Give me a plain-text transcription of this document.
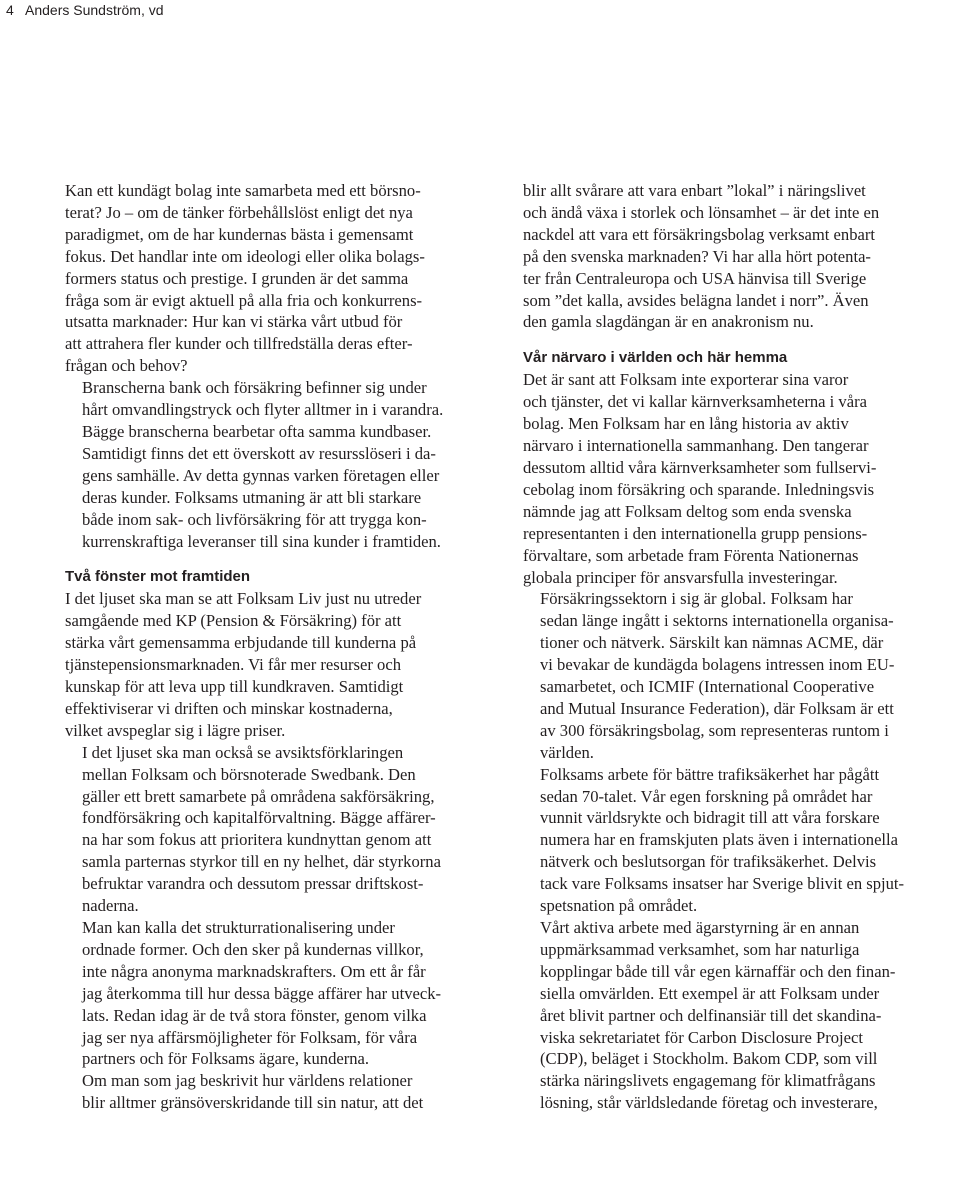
4 Anders Sundström, vd

Kan ett kundägt bolag inte samarbeta med ett börsno-
terat? Jo – om de tänker förbehållslöst enligt det nya
paradigmet, om de har kundernas bästa i gemensamt
fokus. Det handlar inte om ideologi eller olika bolags-
formers status och prestige. I grunden är det samma
fråga som är evigt aktuell på alla fria och konkurrens-
utsatta marknader: Hur kan vi stärka vårt utbud för
att attrahera fler kunder och tillfredställa deras efter-
frågan och behov?

Branscherna bank och försäkring befinner sig under
hårt omvandlingstryck och flyter alltmer in i varandra.
Bägge branscherna bearbetar ofta samma kundbaser.
Samtidigt finns det ett överskott av resursslöseri i da-
gens samhälle. Av detta gynnas varken företagen eller
deras kunder. Folksams utmaning är att bli starkare
både inom sak- och livförsäkring för att trygga kon-
kurrenskraftiga leveranser till sina kunder i framtiden.

Två fönster mot framtiden

I det ljuset ska man se att Folksam Liv just nu utreder
samgående med KP (Pension & Försäkring) för att
stärka vårt gemensamma erbjudande till kunderna på
tjänstepensionsmarknaden. Vi får mer resurser och
kunskap för att leva upp till kundkraven. Samtidigt
effektiviserar vi driften och minskar kostnaderna,
vilket avspeglar sig i lägre priser.

I det ljuset ska man också se avsiktsförklaringen
mellan Folksam och börsnoterade Swedbank. Den
gäller ett brett samarbete på områdena sakförsäkring,
fondförsäkring och kapitalförvaltning. Bägge affärer-
na har som fokus att prioritera kundnyttan genom att
samla parternas styrkor till en ny helhet, där styrkorna
befruktar varandra och dessutom pressar driftskost-
naderna.

Man kan kalla det strukturrationalisering under
ordnade former. Och den sker på kundernas villkor,
inte några anonyma marknadskrafters. Om ett år får
jag återkomma till hur dessa bägge affärer har utveck-
lats. Redan idag är de två stora fönster, genom vilka
jag ser nya affärsmöjligheter för Folksam, för våra
partners och för Folksams ägare, kunderna.

Om man som jag beskrivit hur världens relationer
blir alltmer gränsöverskridande till sin natur, att det

blir allt svårare att vara enbart ”lokal” i näringslivet
och ändå växa i storlek och lönsamhet – är det inte en
nackdel att vara ett försäkringsbolag verksamt enbart
på den svenska marknaden? Vi har alla hört potenta-
ter från Centraleuropa och USA hänvisa till Sverige
som ”det kalla, avsides belägna landet i norr”. Även
den gamla slagdängan är en anakronism nu.

Vår närvaro i världen och här hemma

Det är sant att Folksam inte exporterar sina varor
och tjänster, det vi kallar kärnverksamheterna i våra
bolag. Men Folksam har en lång historia av aktiv
närvaro i internationella sammanhang. Den tangerar
dessutom alltid våra kärnverksamheter som fullservi-
cebolag inom försäkring och sparande. Inledningsvis
nämnde jag att Folksam deltog som enda svenska
representanten i den internationella grupp pensions-
förvaltare, som arbetade fram Förenta Nationernas
globala principer för ansvarsfulla investeringar.

Försäkringssektorn i sig är global. Folksam har
sedan länge ingått i sektorns internationella organisa-
tioner och nätverk. Särskilt kan nämnas ACME, där
vi bevakar de kundägda bolagens intressen inom EU-
samarbetet, och ICMIF (International Cooperative
and Mutual Insurance Federation), där Folksam är ett
av 300 försäkringsbolag, som representeras runtom i
världen.

Folksams arbete för bättre trafiksäkerhet har pågått
sedan 70-talet. Vår egen forskning på området har
vunnit världsrykte och bidragit till att våra forskare
numera har en framskjuten plats även i internationella
nätverk och beslutsorgan för trafiksäkerhet. Delvis
tack vare Folksams insatser har Sverige blivit en spjut-
spetsnation på området.

Vårt aktiva arbete med ägarstyrning är en annan
uppmärksammad verksamhet, som har naturliga
kopplingar både till vår egen kärnaffär och den finan-
siella omvärlden. Ett exempel är att Folksam under
året blivit partner och delfinansiär till det skandina-
viska sekretariatet för Carbon Disclosure Project
(CDP), beläget i Stockholm. Bakom CDP, som vill
stärka näringslivets engagemang för klimatfrågans
lösning, står världsledande företag och investerare,
